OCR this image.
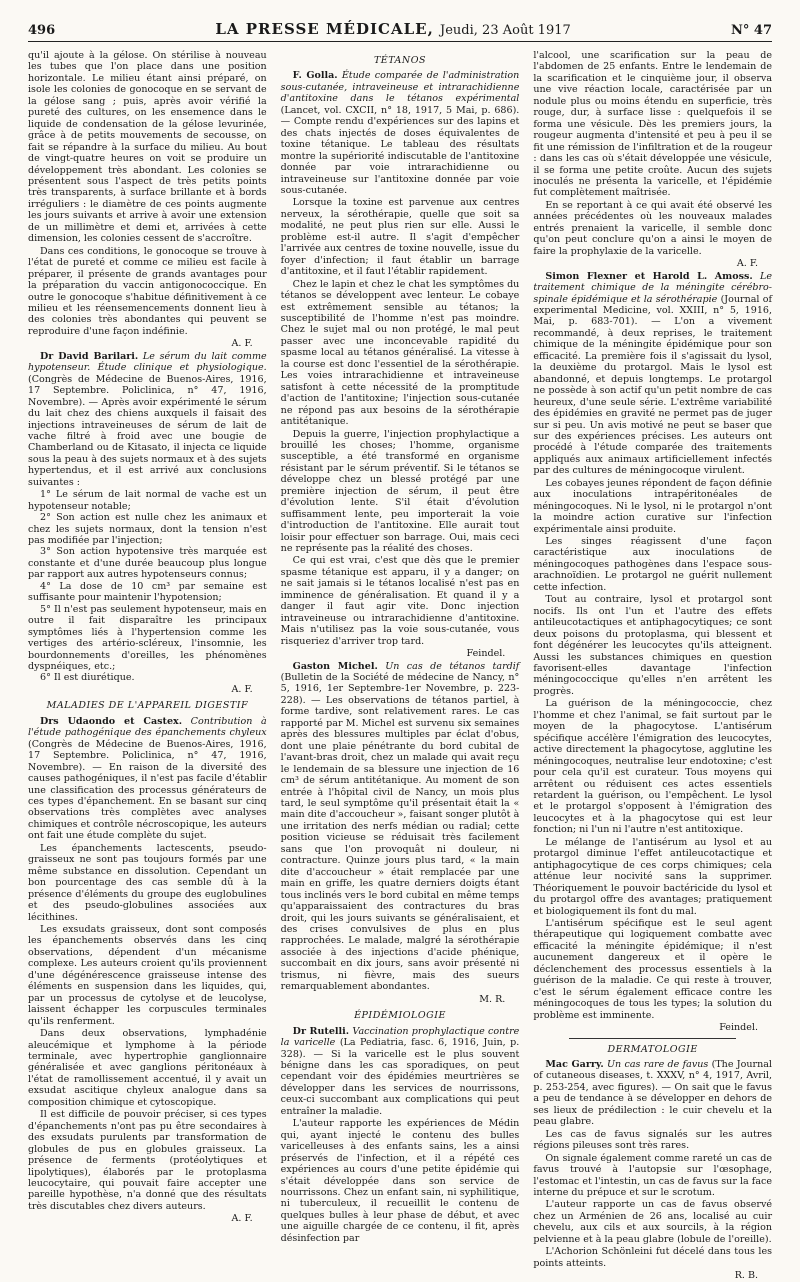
496	LA PRESSE MÉDICALE, Jeudi, 23 Août 1917	N° 47

qu'il ajoute à la gélose. On stérilise à nouveau les tubes que l'on place dans une position horizontale. Le milieu étant ainsi préparé, on isole les colonies de gonocoque en se servant de la gélose sang ; puis, après avoir vérifié la pureté des cultures, on les ensemence dans le liquide de condensation de la gélose levurinée, grâce à de petits mouvements de secousse, on fait se répandre à la surface du milieu. Au bout de vingt-quatre heures on voit se produire un développement très abondant. Les colonies se présentent sous l'aspect de très petits points très transparents, à surface brillante et à bords irréguliers : le diamètre de ces points augmente les jours suivants et arrive à avoir une extension de un millimètre et demi et, arrivées à cette dimension, les colonies cessent de s'accroître.

Dans ces conditions, le gonocoque se trouve à l'état de pureté et comme ce milieu est facile à préparer, il présente de grands avantages pour la préparation du vaccin antigonococcique. En outre le gonocoque s'habitue définitivement à ce milieu et les réensemencements donnent lieu à des colonies très abondantes qui peuvent se reproduire d'une façon indéfinie.

A. F.

Dr David Barilari. Le sérum du lait comme hypotenseur. Étude clinique et physiologique. (Congrès de Médecine de Buenos-Aires, 1916, 17 Septembre. Policlinica, n° 47, 1916, Novembre). — Après avoir expérimenté le sérum du lait chez des chiens auxquels il faisait des injections intraveineuses de sérum de lait de vache filtré à froid avec une bougie de Chamberland ou de Kitasato, il injecta ce liquide sous la peau à des sujets normaux et à des sujets hypertendus, et il est arrivé aux conclusions suivantes :

1° Le sérum de lait normal de vache est un hypotenseur notable;
2° Son action est nulle chez les animaux et chez les sujets normaux, dont la tension n'est pas modifiée par l'injection;
3° Son action hypotensive très marquée est constante et d'une durée beaucoup plus longue par rapport aux autres hypotenseurs connus;
4° La dose de 10 cm³ par semaine est suffisante pour maintenir l'hypotension;
5° Il n'est pas seulement hypotenseur, mais en outre il fait disparaître les principaux symptômes liés à l'hypertension comme les vertiges des artério-scléreux, l'insomnie, les bourdonnements d'oreilles, les phénomènes dyspnéiques, etc.;
6° Il est diurétique.

A. F.

MALADIES DE L'APPAREIL DIGESTIF

Drs Udaondo et Castex. Contribution à l'étude pathogénique des épanchements chyleux (Congrès de Médecine de Buenos-Aires, 1916, 17 Septembre. Policlinica, n° 47, 1916, Novembre). — En raison de la diversité des causes pathogéniques, il n'est pas facile d'établir une classification des processus générateurs de ces types d'épanchement. En se basant sur cinq observations très complètes avec analyses chimiques et contrôle nécroscopique, les auteurs ont fait une étude complète du sujet.

Les épanchements lactescents, pseudo-graisseux ne sont pas toujours formés par une même substance en dissolution. Cependant un bon pourcentage des cas semble dû à la présence d'éléments du groupe des euglobulines et des pseudo-globulines associées aux lécithines.

Les exsudats graisseux, dont sont composés les épanchements observés dans les cinq observations, dépendent d'un mécanisme complexe. Les auteurs croient qu'ils proviennent d'une dégénérescence graisseuse intense des éléments en suspension dans les liquides, qui, par un processus de cytolyse et de leucolyse, laissent échapper les corpuscules terminales qu'ils renferment.

Dans deux observations, lymphadénie aleucémique et lymphome à la période terminale, avec hypertrophie ganglionnaire généralisée et avec ganglions péritonéaux à l'état de ramollissement accentué, il y avait un exsudat ascitique chyleux analogue dans sa composition chimique et cytoscopique.

Il est difficile de pouvoir préciser, si ces types d'épanchements n'ont pas pu être secondaires à des exsudats purulents par transformation de globules de pus en globules graisseux. La présence de ferments (protéolytiques et lipolytiques), élaborés par le protoplasma leucocytaire, qui pouvait faire accepter une pareille hypothèse, n'a donné que des résultats très discutables chez divers auteurs.

A. F.

TÉTANOS

F. Golla. Étude comparée de l'administration sous-cutanée, intraveineuse et intrarachidienne d'antitoxine dans le tétanos expérimental (Lancet, vol. CXCII, n° 18, 1917, 5 Mai, p. 686). — Compte rendu d'expériences sur des lapins et des chats injectés de doses équivalentes de toxine tétanique. Le tableau des résultats montre la supériorité indiscutable de l'antitoxine donnée par voie intrarachidienne ou intraveineuse sur l'antitoxine donnée par voie sous-cutanée.

Lorsque la toxine est parvenue aux centres nerveux, la sérothérapie, quelle que soit sa modalité, ne peut plus rien sur elle. Aussi le problème est-il autre. Il s'agit d'empêcher l'arrivée aux centres de toxine nouvelle, issue du foyer d'infection; il faut établir un barrage d'antitoxine, et il faut l'établir rapidement.

Chez le lapin et chez le chat les symptômes du tétanos se développent avec lenteur. Le cobaye est extrêmement sensible au tétanos; la susceptibilité de l'homme n'est pas moindre. Chez le sujet mal ou non protégé, le mal peut passer avec une inconcevable rapidité du spasme local au tétanos généralisé. La vitesse à la course est donc l'essentiel de la sérothérapie. Les voies intrarachidienne et intraveineuse satisfont à cette nécessité de la promptitude d'action de l'antitoxine; l'injection sous-cutanée ne répond pas aux besoins de la sérothérapie antitétanique.

Depuis la guerre, l'injection prophylactique a brouillé les choses; l'homme, organisme susceptible, a été transformé en organisme résistant par le sérum préventif. Si le tétanos se développe chez un blessé protégé par une première injection de sérum, il peut être d'évolution lente. S'il était d'évolution suffisamment lente, peu importerait la voie d'introduction de l'antitoxine. Elle aurait tout loisir pour effectuer son barrage. Oui, mais ceci ne représente pas la réalité des choses.

Ce qui est vrai, c'est que dès que le premier spasme tétanique est apparu, il y a danger; on ne sait jamais si le tétanos localisé n'est pas en imminence de généralisation. Et quand il y a danger il faut agir vite. Donc injection intraveineuse ou intrarachidienne d'antitoxine. Mais n'utilisez pas la voie sous-cutanée, vous risqueriez d'arriver trop tard.

Feindel.

Gaston Michel. Un cas de tétanos tardif (Bulletin de la Société de médecine de Nancy, n° 5, 1916, 1er Septembre-1er Novembre, p. 223-228). — Les observations de tétanos partiel, à forme tardive, sont relativement rares. Le cas rapporté par M. Michel est survenu six semaines après des blessures multiples par éclat d'obus, dont une plaie pénétrante du bord cubital de l'avant-bras droit, chez un malade qui avait reçu le lendemain de sa blessure une injection de 16 cm³ de sérum antitétanique. Au moment de son entrée à l'hôpital civil de Nancy, un mois plus tard, le seul symptôme qu'il présentait était la « main dite d'accoucheur », faisant songer plutôt à une irritation des nerfs médian ou radial; cette position vicieuse se réduisait très facilement sans que l'on provoquât ni douleur, ni contracture. Quinze jours plus tard, « la main dite d'accoucheur » était remplacée par une main en griffe, les quatre derniers doigts étant tous inclinés vers le bord cubital en même temps qu'apparaissaient des contractures du bras droit, qui les jours suivants se généralisaient, et des crises convulsives de plus en plus rapprochées. Le malade, malgré la sérothérapie associée à des injections d'acide phénique, succombait en dix jours, sans avoir présenté ni trismus, ni fièvre, mais des sueurs remarquablement abondantes.

M. R.

ÉPIDÉMIOLOGIE

Dr Rutelli. Vaccination prophylactique contre la varicelle (La Pediatria, fasc. 6, 1916, Juin, p. 328). — Si la varicelle est le plus souvent bénigne dans les cas sporadiques, on peut cependant voir des épidémies meurtrières se développer dans les services de nourrissons, ceux-ci succombant aux complications qui peut entraîner la maladie.

L'auteur rapporte les expériences de Médin qui, ayant injecté le contenu des bulles varicelleuses à des enfants sains, les a ainsi préservés de l'infection, et il a répété ces expériences au cours d'une petite épidémie qui s'était développée dans son service de nourrissons. Chez un enfant sain, ni syphilitique, ni tuberculeux, il recueillit le contenu de quelques bulles à leur phase de début, et avec une aiguille chargée de ce contenu, il fit, après désinfection par

l'alcool, une scarification sur la peau de l'abdomen de 25 enfants. Entre le lendemain de la scarification et le cinquième jour, il observa une vive réaction locale, caractérisée par un nodule plus ou moins étendu en superficie, très rouge, dur, à surface lisse : quelquefois il se forma une vésicule. Dès les premiers jours, la rougeur augmenta d'intensité et peu à peu il se fit une rémission de l'infiltration et de la rougeur : dans les cas où s'était développée une vésicule, il se forma une petite croûte. Aucun des sujets inoculés ne présenta la varicelle, et l'épidémie fut complètement maîtrisée.

En se reportant à ce qui avait été observé les années précédentes où les nouveaux malades entrés prenaient la varicelle, il semble donc qu'on peut conclure qu'on a ainsi le moyen de faire la prophylaxie de la varicelle.

A. F.

Simon Flexner et Harold L. Amoss. Le traitement chimique de la méningite cérébro-spinale épidémique et la sérothérapie (Journal of experimental Medicine, vol. XXIII, n° 5, 1916, Mai, p. 683-701). — L'on a vivement recommandé, à deux reprises, le traitement chimique de la méningite épidémique pour son efficacité. La première fois il s'agissait du lysol, la deuxième du protargol. Mais le lysol est abandonné, et depuis longtemps. Le protargol ne possède à son actif qu'un petit nombre de cas heureux, d'une seule série. L'extrême variabilité des épidémies en gravité ne permet pas de juger sur si peu. Un avis motivé ne peut se baser que sur des expériences précises. Les auteurs ont procédé à l'étude comparée des traitements appliqués aux animaux artificiellement infectés par des cultures de méningocoque virulent.

Les cobayes jeunes répondent de façon définie aux inoculations intrapéritonéales de méningocoques. Ni le lysol, ni le protargol n'ont la moindre action curative sur l'infection expérimentale ainsi produite.

Les singes réagissent d'une façon caractéristique aux inoculations de méningocoques pathogènes dans l'espace sous-arachnoïdien. Le protargol ne guérit nullement cette infection.

Tout au contraire, lysol et protargol sont nocifs. Ils ont l'un et l'autre des effets antileucotactiques et antiphagocytiques; ce sont deux poisons du protoplasma, qui blessent et font dégénérer les leucocytes qu'ils atteignent. Aussi les substances chimiques en question favorisent-elles davantage l'infection méningococcique qu'elles n'en arrêtent les progrès.

La guérison de la méningococcie, chez l'homme et chez l'animal, se fait surtout par le moyen de la phagocytose. L'antisérum spécifique accélère l'émigration des leucocytes, active directement la phagocytose, agglutine les méningocoques, neutralise leur endotoxine; c'est pour cela qu'il est curateur. Tous moyens qui arrêtent ou réduisent ces actes essentiels retardent la guérison, ou l'empêchent. Le lysol et le protargol s'opposent à l'émigration des leucocytes et à la phagocytose qui est leur fonction; ni l'un ni l'autre n'est antitoxique.

Le mélange de l'antisérum au lysol et au protargol diminue l'effet antileucotactique et antiphagocytique de ces corps chimiques; cela atténue leur nocivité sans la supprimer. Théoriquement le pouvoir bactéricide du lysol et du protargol offre des avantages; pratiquement et biologiquement ils font du mal.

L'antisérum spécifique est le seul agent thérapeutique qui logiquement combatte avec efficacité la méningite épidémique; il n'est aucunement dangereux et il opère le déclenchement des processus essentiels à la guérison de la maladie. Ce qui reste à trouver, c'est le sérum également efficace contre les méningocoques de tous les types; la solution du problème est imminente.

Feindel.

DERMATOLOGIE

Mac Garry. Un cas rare de favus (The Journal of cutaneous diseases, t. XXXV, n° 4, 1917, Avril, p. 253-254, avec figures). — On sait que le favus a peu de tendance à se développer en dehors de ses lieux de prédilection : le cuir chevelu et la peau glabre.

Les cas de favus signalés sur les autres régions pileuses sont très rares.

On signale également comme rareté un cas de favus trouvé à l'autopsie sur l'œsophage, l'estomac et l'intestin, un cas de favus sur la face interne du prépuce et sur le scrotum.

L'auteur rapporte un cas de favus observé chez un Arménien de 26 ans, localisé au cuir chevelu, aux cils et aux sourcils, à la région pelvienne et à la peau glabre (lobule de l'oreille).

L'Achorion Schönleini fut décelé dans tous les points atteints.

R. B.
